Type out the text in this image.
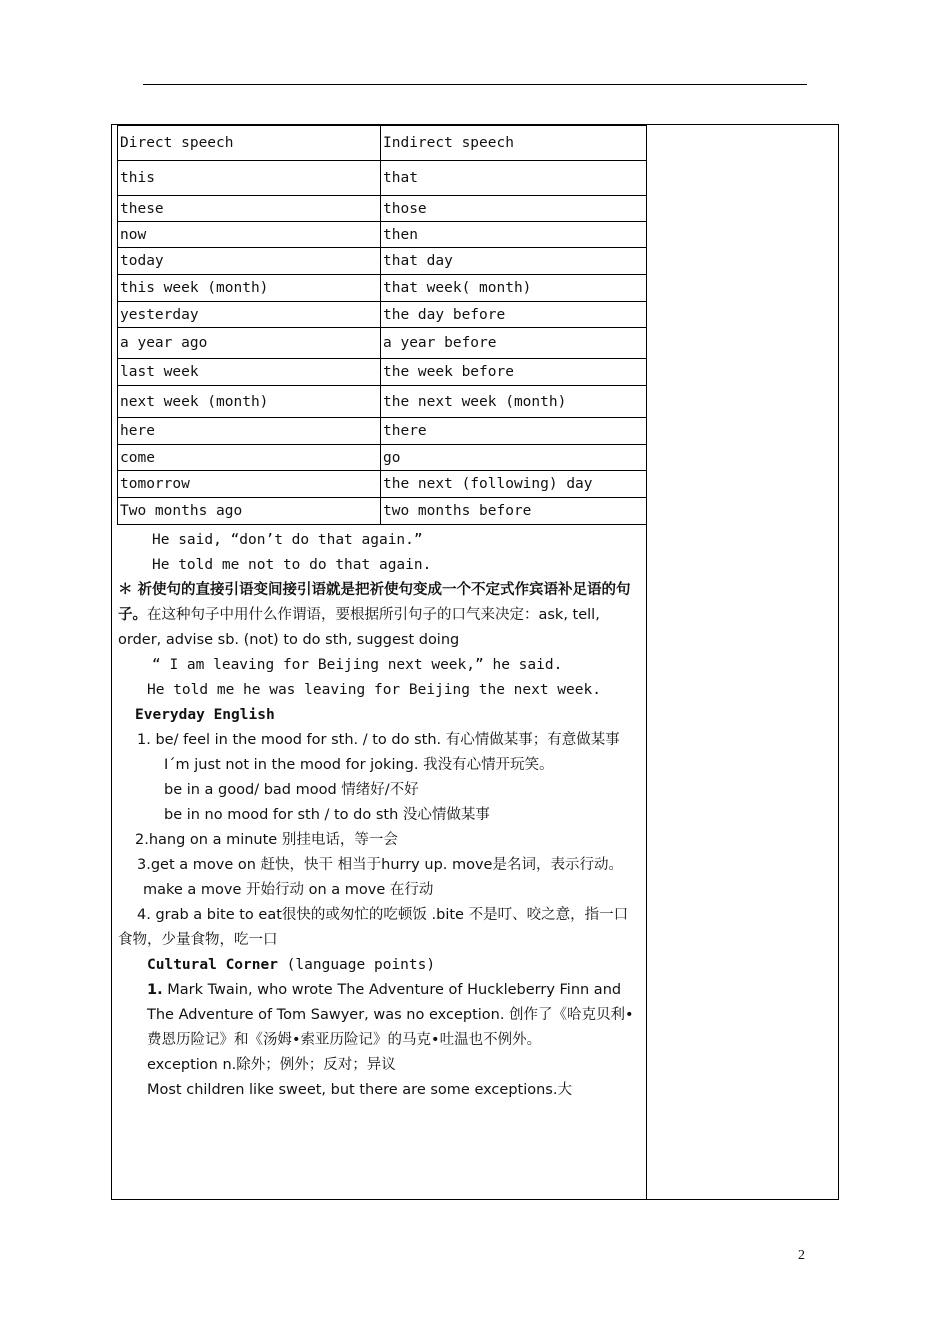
Direct speech	Indirect speech
this	that
these	those
now	then
today	that day
this week (month)	that week( month)
yesterday	the day before
a year ago	a year before
last week	the week before
next week (month)	the next week (month)
here	there
come	go
tomorrow	the next (following) day
Two months ago	two months before
He said, “don’t do that again.”
He told me not to do that again.
＊ 祈使句的直接引语变间接引语就是把祈使句变成一个不定式作宾语补足语的句子。在这种句子中用什么作谓语，要根据所引句子的口气来决定：ask, tell, order, advise sb. (not) to do sth, suggest doing
“ I am leaving for Beijing next week,” he said.
He told me he was leaving for Beijing the next week.
Everyday English
1. be/ feel in the mood for sth. / to do sth. 有心情做某事；有意做某事
I´m just not in the mood for joking. 我没有心情开玩笑。
be in a good/ bad mood 情绪好/不好
be in no mood for sth / to do sth 没心情做某事
2.hang on a minute 别挂电话，等一会
3.get a move on 赶快，快干 相当于hurry up. move是名词，表示行动。
make a move 开始行动 on a move 在行动
4. grab a bite to eat很快的或匆忙的吃顿饭 .bite 不是叮、咬之意，指一口食物，少量食物，吃一口
Cultural Corner (language points)
1. Mark Twain, who wrote The Adventure of Huckleberry Finn and The Adventure of Tom Sawyer, was no exception. 创作了《哈克贝利•费恩历险记》和《汤姆•索亚历险记》的马克•吐温也不例外。
exception n.除外；例外；反对；异议
Most children like sweet, but there are some exceptions.大
2
